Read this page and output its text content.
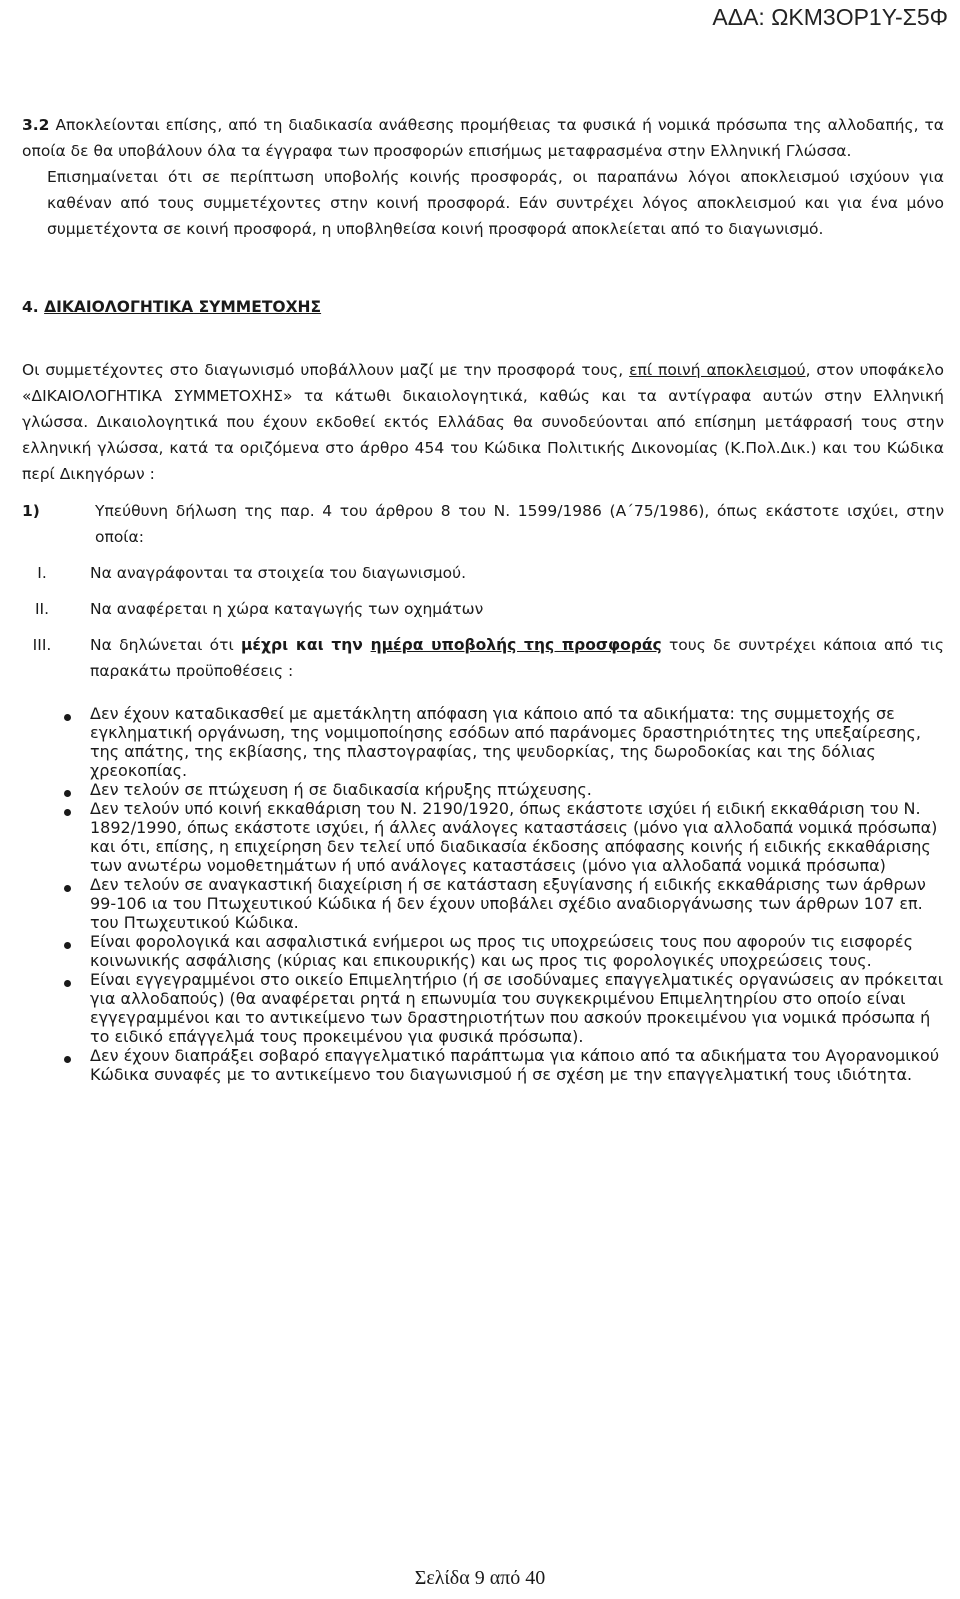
ΑΔΑ: ΩΚΜ3ΟΡ1Υ-Σ5Φ

3.2 Αποκλείονται επίσης, από τη διαδικασία ανάθεσης προμήθειας τα φυσικά ή νομικά πρόσωπα της αλλοδαπής, τα οποία δε θα υποβάλουν όλα τα έγγραφα των προσφορών επισήμως μεταφρασμένα στην Ελληνική Γλώσσα.

Επισημαίνεται ότι σε περίπτωση υποβολής κοινής προσφοράς, οι παραπάνω λόγοι αποκλεισμού ισχύουν για καθέναν από τους συμμετέχοντες στην κοινή προσφορά. Εάν συντρέχει λόγος αποκλεισμού και για ένα μόνο συμμετέχοντα σε κοινή προσφορά, η υποβληθείσα κοινή προσφορά αποκλείεται από το διαγωνισμό.

4. ΔΙΚΑΙΟΛΟΓΗΤΙΚΑ ΣΥΜΜΕΤΟΧΗΣ

Οι συμμετέχοντες στο διαγωνισμό υποβάλλουν μαζί με την προσφορά τους, επί ποινή αποκλεισμού, στον υποφάκελο «ΔΙΚΑΙΟΛΟΓΗΤΙΚΑ ΣΥΜΜΕΤΟΧΗΣ» τα κάτωθι δικαιολογητικά, καθώς και τα αντίγραφα αυτών στην Ελληνική γλώσσα. Δικαιολογητικά που έχουν εκδοθεί εκτός Ελλάδας θα συνοδεύονται από επίσημη μετάφρασή τους στην ελληνική γλώσσα, κατά τα οριζόμενα στο άρθρο 454 του Κώδικα Πολιτικής Δικονομίας (Κ.Πολ.Δικ.) και του Κώδικα περί Δικηγόρων :

1)	Υπεύθυνη δήλωση της παρ. 4 του άρθρου 8 του Ν. 1599/1986 (Α΄75/1986), όπως εκάστοτε ισχύει, στην οποία:

I.	Να αναγράφονται τα στοιχεία του διαγωνισμού.

II.	Να αναφέρεται η χώρα καταγωγής των οχημάτων

III.	Να δηλώνεται ότι μέχρι και την ημέρα υποβολής της προσφοράς τους δε συντρέχει κάποια από τις παρακάτω προϋποθέσεις :

Δεν έχουν καταδικασθεί με αμετάκλητη απόφαση για κάποιο από τα αδικήματα: της συμμετοχής σε εγκληματική οργάνωση, της νομιμοποίησης εσόδων από παράνομες δραστηριότητες της υπεξαίρεσης, της απάτης, της εκβίασης, της πλαστογραφίας, της ψευδορκίας, της δωροδοκίας και της δόλιας χρεοκοπίας.
Δεν τελούν σε πτώχευση ή σε διαδικασία κήρυξης πτώχευσης.
Δεν τελούν υπό κοινή εκκαθάριση του Ν. 2190/1920, όπως εκάστοτε ισχύει ή ειδική εκκαθάριση του Ν. 1892/1990, όπως εκάστοτε ισχύει, ή άλλες ανάλογες καταστάσεις (μόνο για αλλοδαπά νομικά πρόσωπα) και ότι, επίσης, η επιχείρηση δεν τελεί υπό διαδικασία έκδοσης απόφασης κοινής ή ειδικής εκκαθάρισης των ανωτέρω νομοθετημάτων ή υπό ανάλογες καταστάσεις (μόνο για αλλοδαπά νομικά πρόσωπα)
Δεν τελούν σε αναγκαστική διαχείριση ή σε κατάσταση εξυγίανσης ή ειδικής εκκαθάρισης των άρθρων 99-106 ια του Πτωχευτικού Κώδικα ή δεν έχουν υποβάλει σχέδιο αναδιοργάνωσης των άρθρων 107 επ. του Πτωχευτικού Κώδικα.
Είναι φορολογικά και ασφαλιστικά ενήμεροι ως προς τις υποχρεώσεις τους που αφορούν τις εισφορές κοινωνικής ασφάλισης (κύριας και επικουρικής) και ως προς τις φορολογικές υποχρεώσεις τους.
Είναι εγγεγραμμένοι στο οικείο Επιμελητήριο (ή σε ισοδύναμες επαγγελματικές οργανώσεις αν πρόκειται για αλλοδαπούς) (θα αναφέρεται ρητά η επωνυμία του συγκεκριμένου Επιμελητηρίου στο οποίο είναι εγγεγραμμένοι και το αντικείμενο των δραστηριοτήτων που ασκούν προκειμένου για νομικά πρόσωπα ή το ειδικό επάγγελμά τους προκειμένου για φυσικά πρόσωπα).
Δεν έχουν διαπράξει σοβαρό επαγγελματικό παράπτωμα για κάποιο από τα αδικήματα του Αγορανομικού Κώδικα συναφές με το αντικείμενο του διαγωνισμού ή σε σχέση με την επαγγελματική τους ιδιότητα.
Σελίδα 9 από 40
